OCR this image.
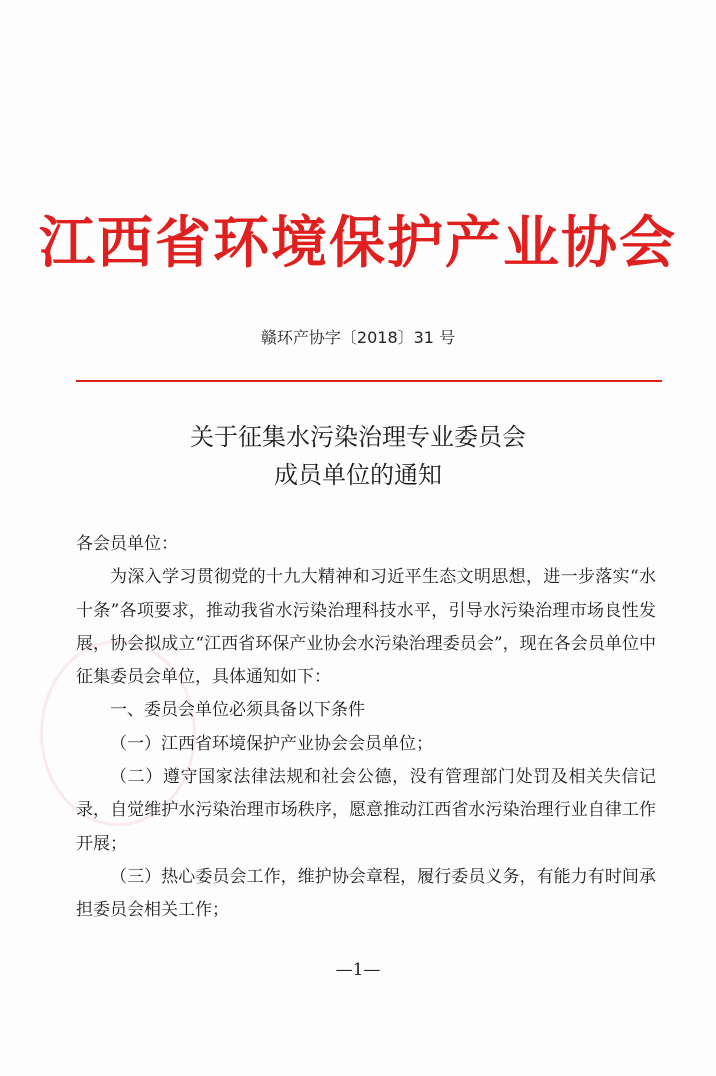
江西省环境保护产业协会
赣环产协字〔2018〕31 号
关于征集水污染治理专业委员会
成员单位的通知

各会员单位：

为深入学习贯彻党的十九大精神和习近平生态文明思想，进一步落实“水十条”各项要求，推动我省水污染治理科技水平，引导水污染治理市场良性发展，协会拟成立“江西省环保产业协会水污染治理委员会”，现在各会员单位中征集委员会单位，具体通知如下：

一、委员会单位必须具备以下条件

（一）江西省环境保护产业协会会员单位；

（二）遵守国家法律法规和社会公德，没有管理部门处罚及相关失信记录，自觉维护水污染治理市场秩序，愿意推动江西省水污染治理行业自律工作开展；

（三）热心委员会工作，维护协会章程，履行委员义务，有能力有时间承担委员会相关工作；

—1—
